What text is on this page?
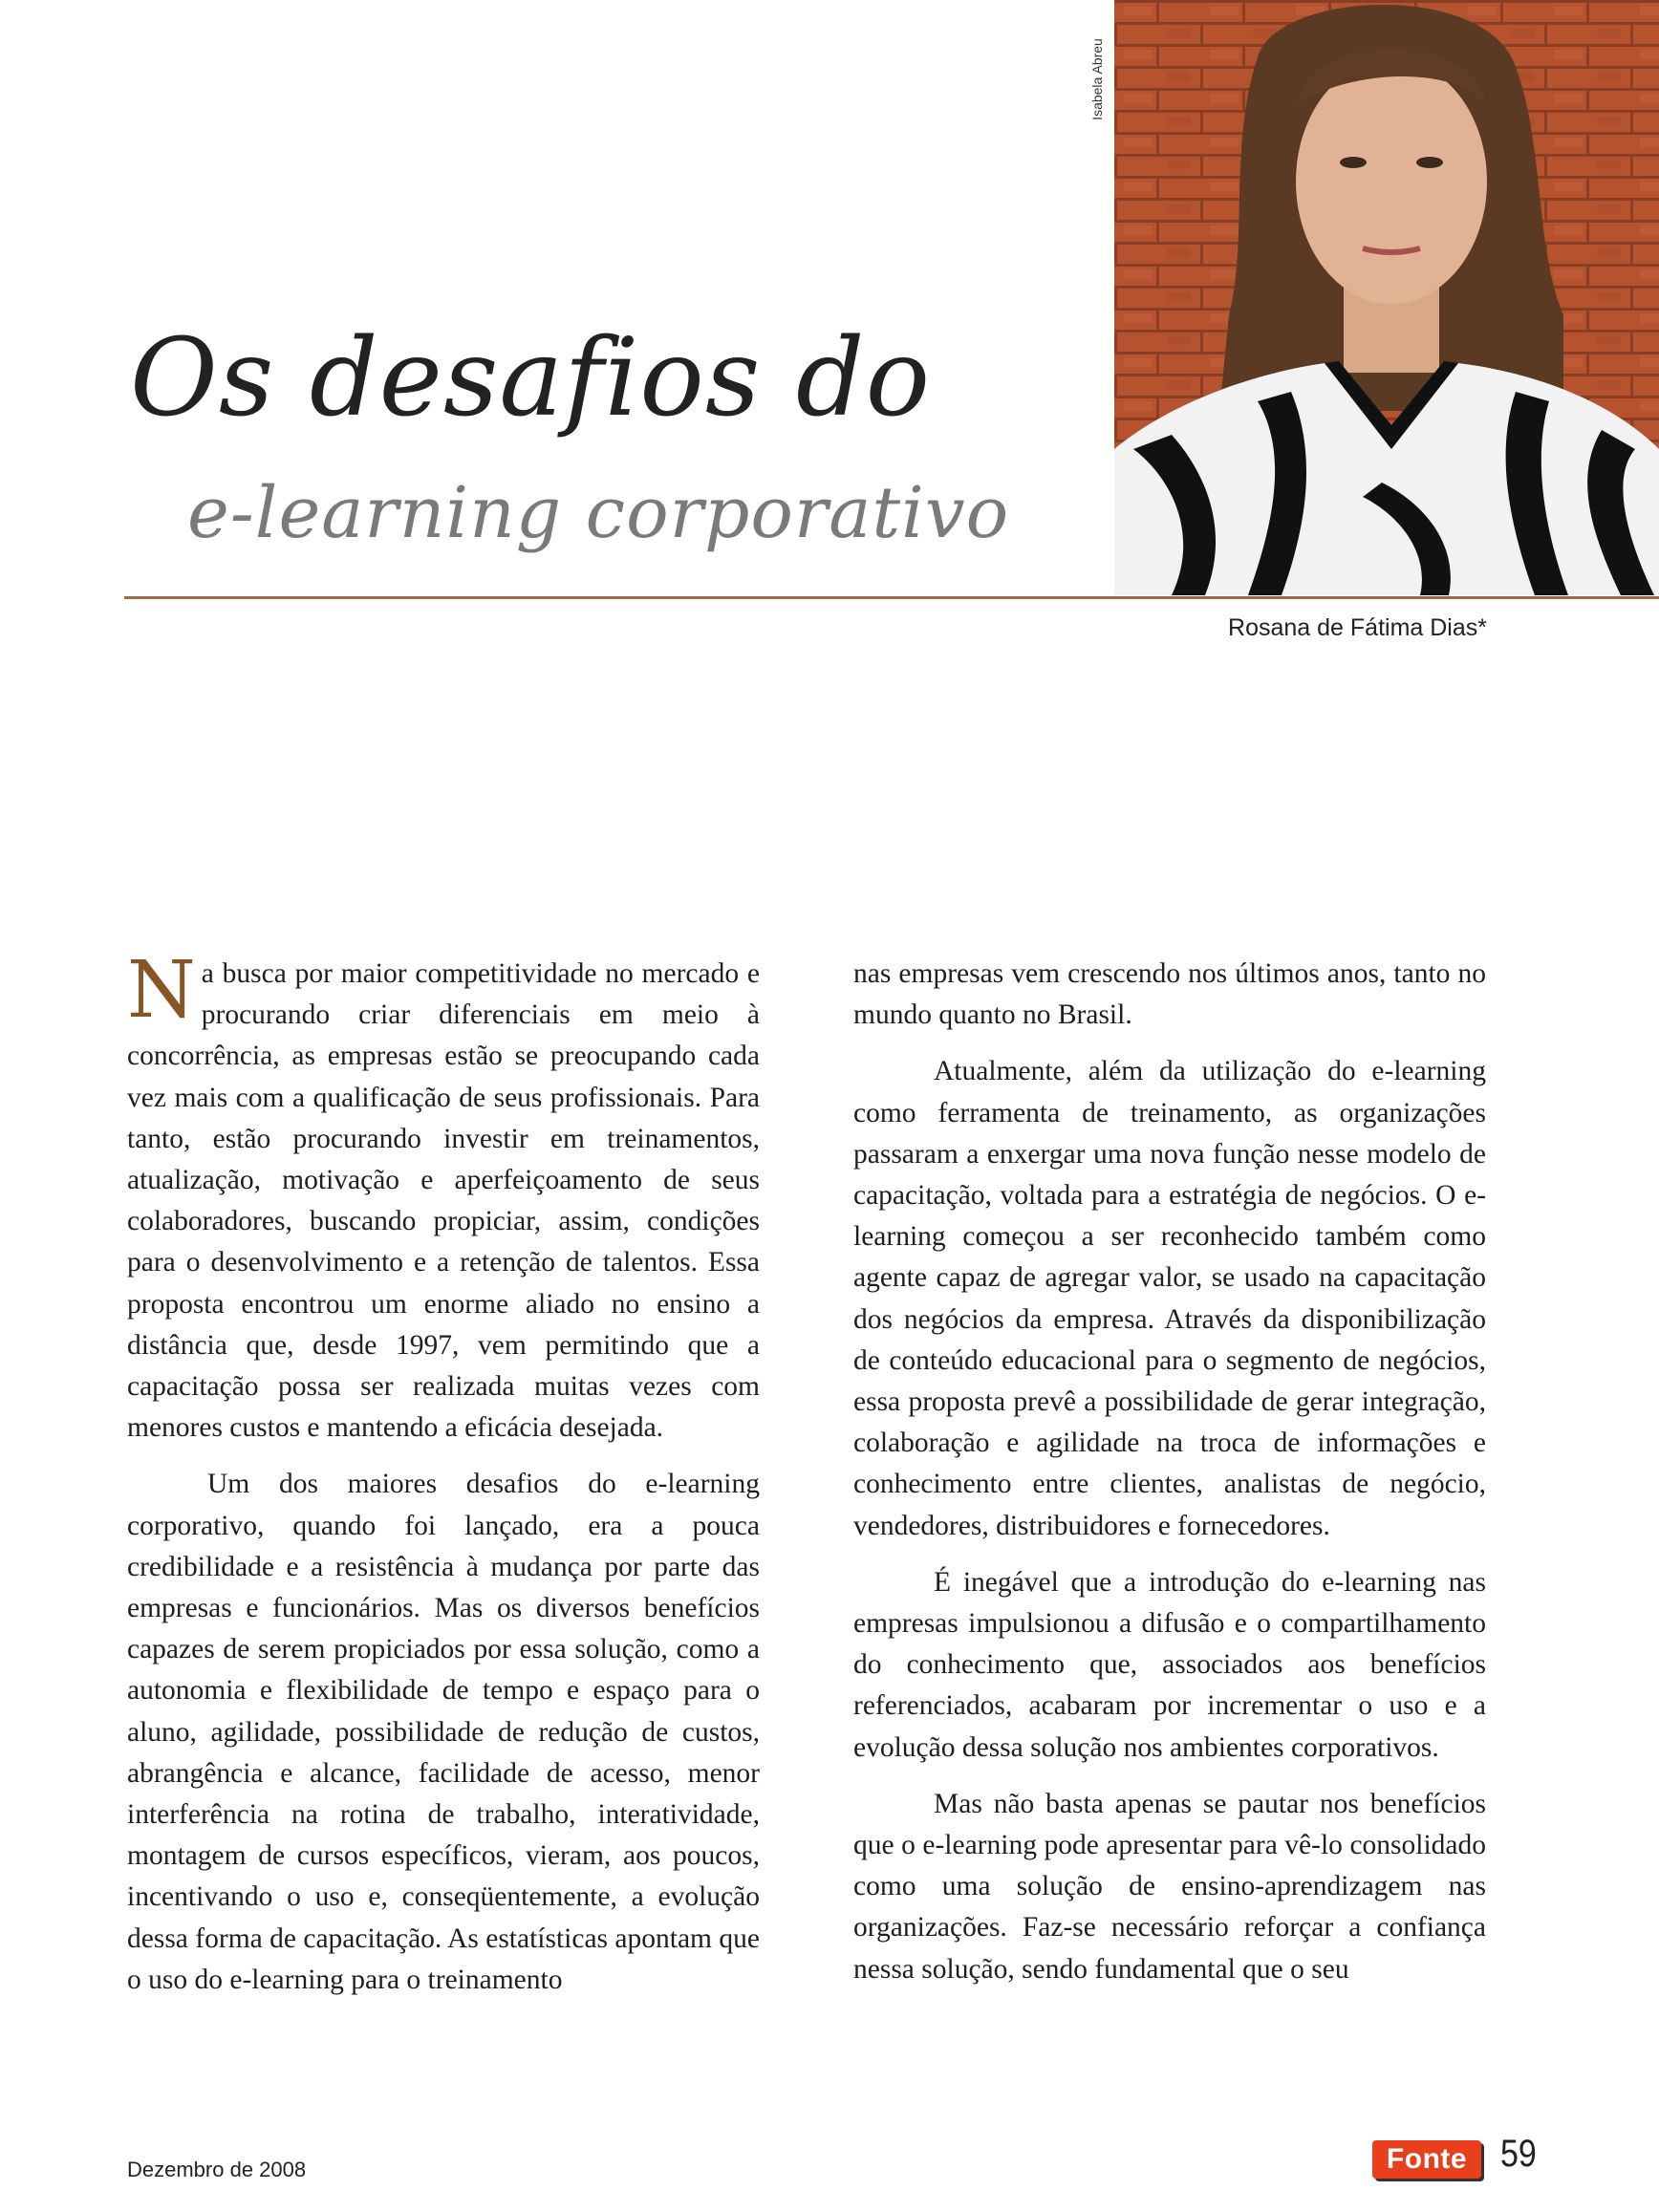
Isabela Abreu
Os desafios do
e-learning corporativo
Rosana de Fátima Dias*

Na busca por maior competitividade no mercado e procurando criar diferenciais em meio à concorrência, as empresas estão se preocupando cada vez mais com a qualificação de seus profissionais. Para tanto, estão procurando investir em treinamentos, atualização, motivação e aperfeiçoamento de seus colaboradores, buscando propiciar, assim, condições para o desenvolvimento e a retenção de talentos. Essa proposta encontrou um enorme aliado no ensino a distância que, desde 1997, vem permitindo que a capacitação possa ser realizada muitas vezes com menores custos e mantendo a eficácia desejada.

Um dos maiores desafios do e-learning corporativo, quando foi lançado, era a pouca credibilidade e a resistência à mudança por parte das empresas e funcionários. Mas os diversos benefícios capazes de serem propiciados por essa solução, como a autonomia e flexibilidade de tempo e espaço para o aluno, agilidade, possibilidade de redução de custos, abrangência e alcance, facilidade de acesso, menor interferência na rotina de trabalho, interatividade, montagem de cursos específicos, vieram, aos poucos, incentivando o uso e, conseqüentemente, a evolução dessa forma de capacitação. As estatísticas apontam que o uso do e-learning para o treinamento

nas empresas vem crescendo nos últimos anos, tanto no mundo quanto no Brasil.

Atualmente, além da utilização do e-learning como ferramenta de treinamento, as organizações passaram a enxergar uma nova função nesse modelo de capacitação, voltada para a estratégia de negócios. O e-learning começou a ser reconhecido também como agente capaz de agregar valor, se usado na capacitação dos negócios da empresa. Através da disponibilização de conteúdo educacional para o segmento de negócios, essa proposta prevê a possibilidade de gerar integração, colaboração e agilidade na troca de informações e conhecimento entre clientes, analistas de negócio, vendedores, distribuidores e fornecedores.

É inegável que a introdução do e-learning nas empresas impulsionou a difusão e o compartilhamento do conhecimento que, associados aos benefícios referenciados, acabaram por incrementar o uso e a evolução dessa solução nos ambientes corporativos.

Mas não basta apenas se pautar nos benefícios que o e-learning pode apresentar para vê-lo consolidado como uma solução de ensino-aprendizagem nas organizações. Faz-se necessário reforçar a confiança nessa solução, sendo fundamental que o seu

Dezembro de 2008	Fonte 59
